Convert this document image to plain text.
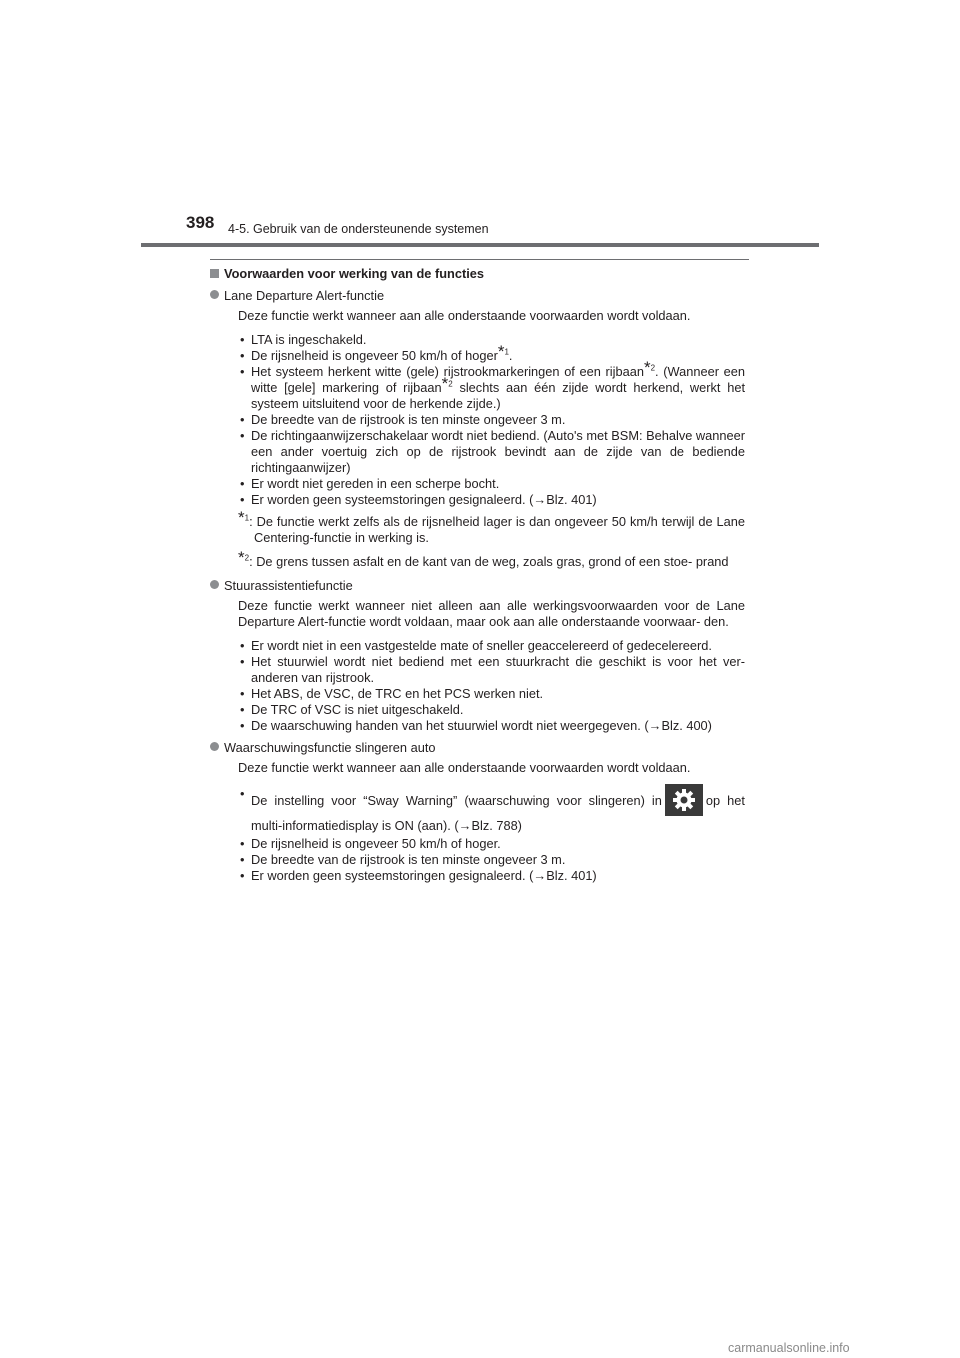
398 4-5. Gebruik van de ondersteunende systemen
Voorwaarden voor werking van de functies
Lane Departure Alert-functie
Deze functie werkt wanneer aan alle onderstaande voorwaarden wordt voldaan.
• LTA is ingeschakeld.
• De rijsnelheid is ongeveer 50 km/h of hoger*$^1$.
• Het systeem herkent witte (gele) rijstrookmarkeringen of een rijbaan*$^2$. (Wanneer een witte [gele] markering of rijbaan*$^2$ slechts aan één zijde wordt herkend, werkt het systeem uitsluitend voor de herkende zijde.)
• De breedte van de rijstrook is ten minste ongeveer 3 m.
• De richtingaanwijzerschakelaar wordt niet bediend. (Auto's met BSM: Behalve wanneer een ander voertuig zich op de rijstrook bevindt aan de zijde van de bediende richtingaanwijzer)
• Er wordt niet gereden in een scherpe bocht.
• Er worden geen systeemstoringen gesignaleerd. (→Blz. 401)
*$^1$: De functie werkt zelfs als de rijsnelheid lager is dan ongeveer 50 km/h terwijl de Lane Centering-functie in werking is.
*$^2$: De grens tussen asfalt en de kant van de weg, zoals gras, grond of een stoe- prand
Stuurassistentiefunctie
Deze functie werkt wanneer niet alleen aan alle werkingsvoorwaarden voor de Lane Departure Alert-functie wordt voldaan, maar ook aan alle onderstaande voorwaar- den.
• Er wordt niet in een vastgestelde mate of sneller geaccelereerd of gedecelereerd.
• Het stuurwiel wordt niet bediend met een stuurkracht die geschikt is voor het ver- anderen van rijstrook.
• Het ABS, de VSC, de TRC en het PCS werken niet.
• De TRC of VSC is niet uitgeschakeld.
• De waarschuwing handen van het stuurwiel wordt niet weergegeven. (→Blz. 400)
Waarschuwingsfunctie slingeren auto
Deze functie werkt wanneer aan alle onderstaande voorwaarden wordt voldaan.
• De instelling voor “Sway Warning” (waarschuwing voor slingeren) in	op het multi-informatiedisplay is ON (aan). (→Blz. 788)
• De rijsnelheid is ongeveer 50 km/h of hoger.
• De breedte van de rijstrook is ten minste ongeveer 3 m.
• Er worden geen systeemstoringen gesignaleerd. (→Blz. 401)
carmanualsonline.info
